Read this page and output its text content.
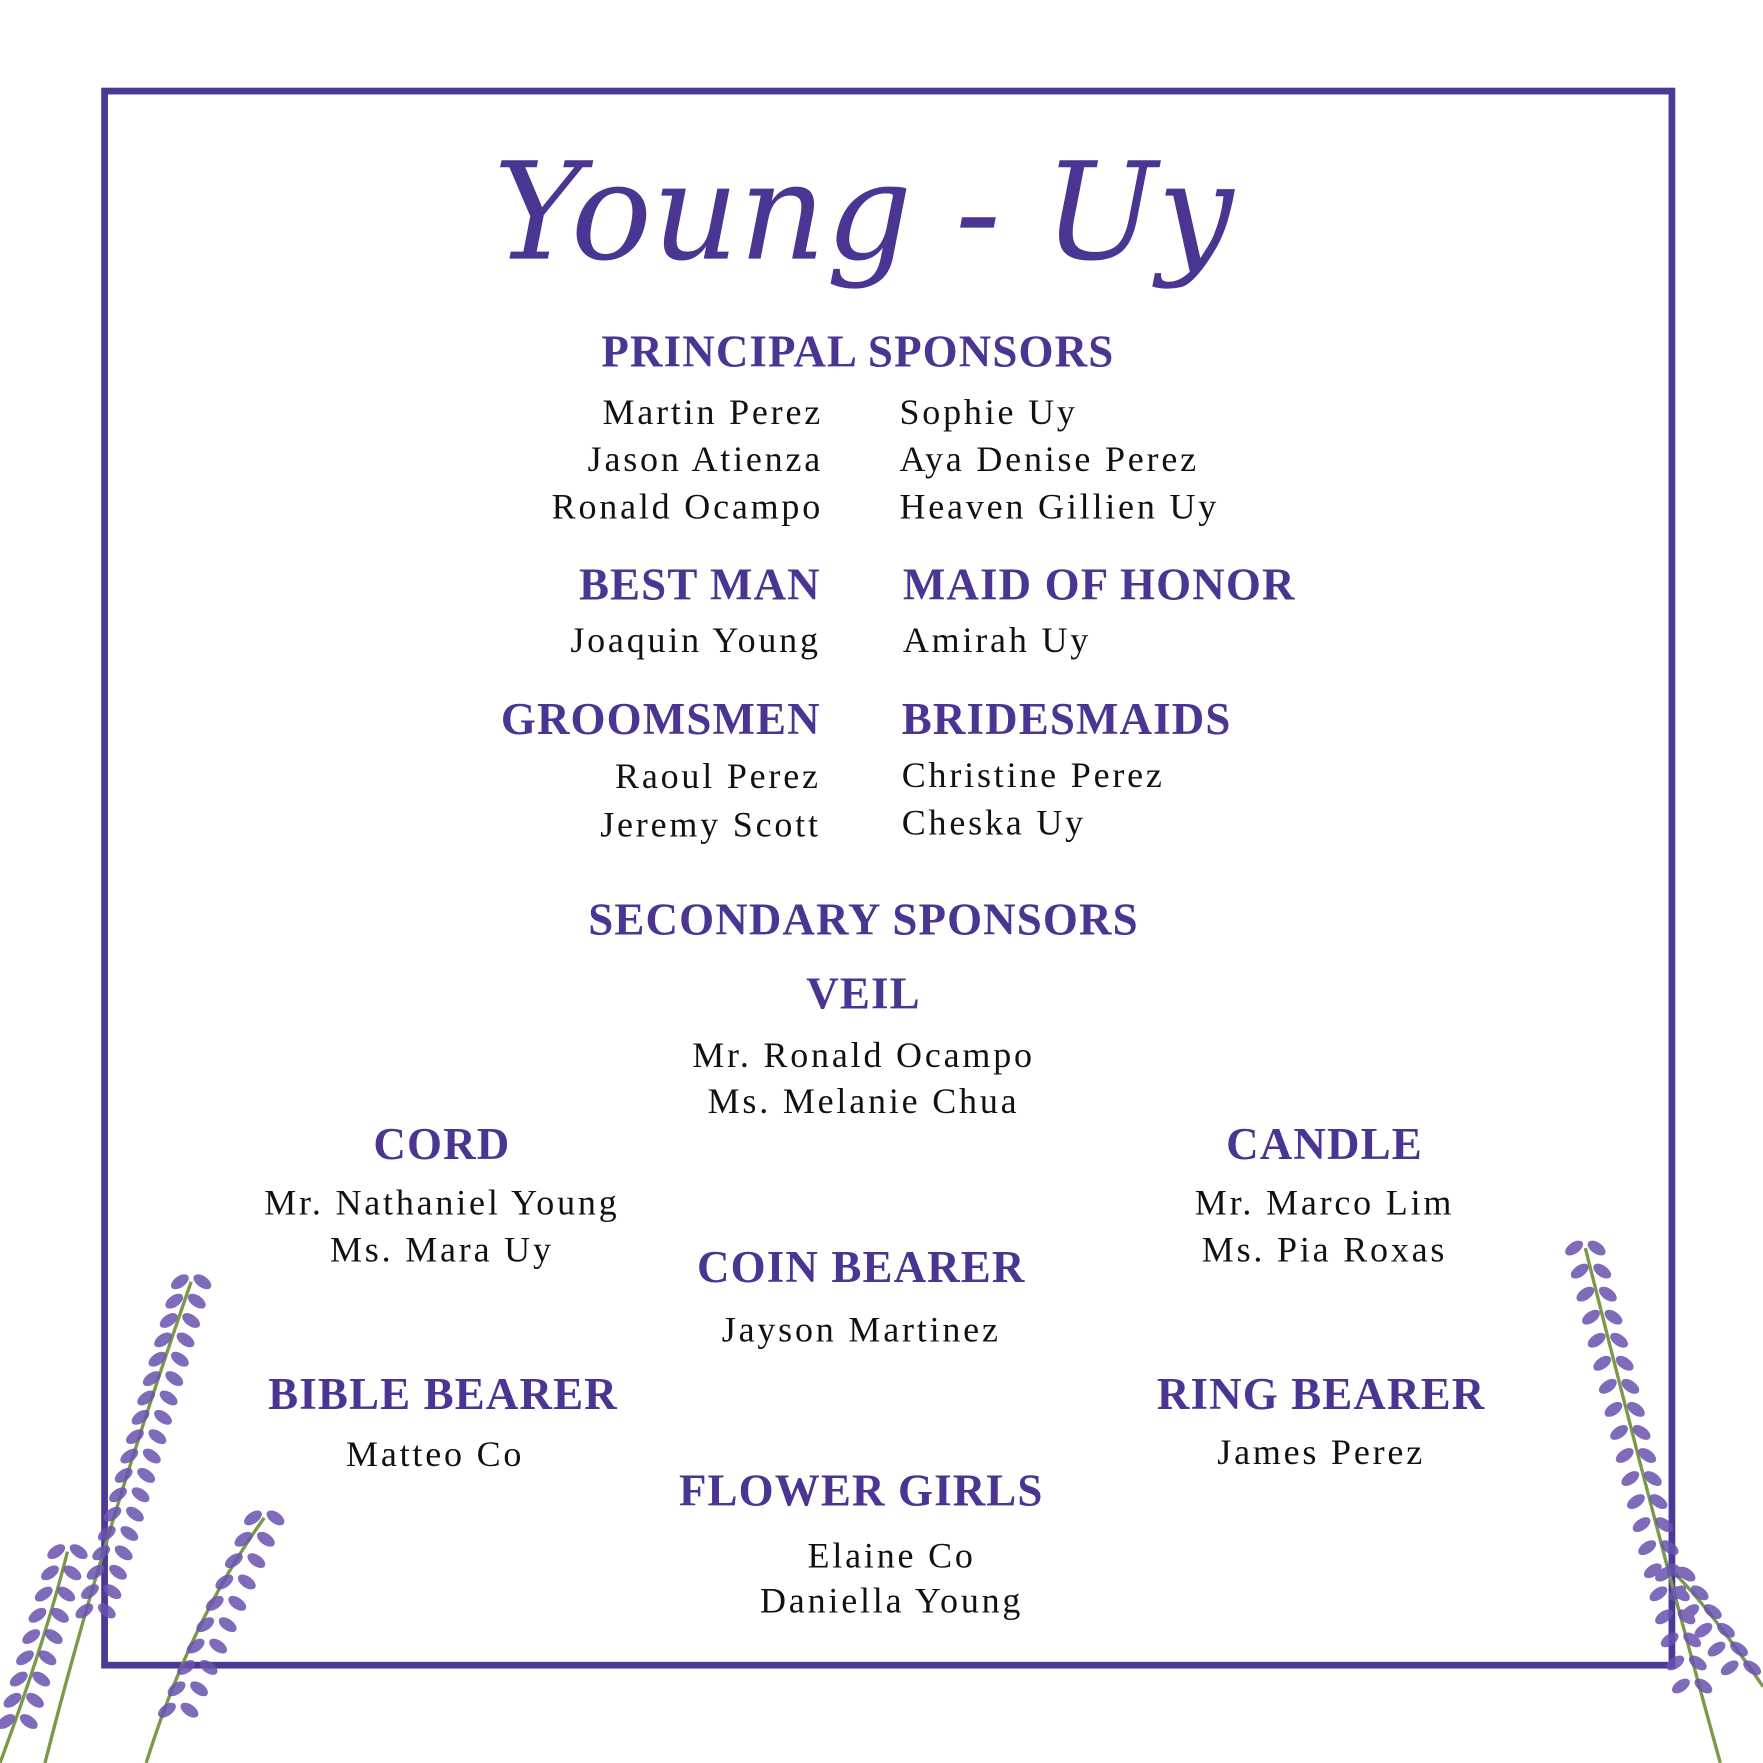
Young - Uy
PRINCIPAL SPONSORS
Martin Perez
Jason Atienza
Ronald Ocampo
Sophie Uy
Aya Denise Perez
Heaven Gillien Uy
BEST MAN
Joaquin Young
MAID OF HONOR
Amirah Uy
GROOMSMEN
Raoul Perez
Jeremy Scott
BRIDESMAIDS
Christine Perez
Cheska Uy
SECONDARY SPONSORS
VEIL
Mr. Ronald Ocampo
Ms. Melanie Chua
CORD
Mr. Nathaniel Young
Ms. Mara Uy
CANDLE
Mr. Marco Lim
Ms. Pia Roxas
COIN BEARER
Jayson Martinez
BIBLE BEARER
Matteo Co
RING BEARER
James Perez
FLOWER GIRLS
Elaine Co
Daniella Young
